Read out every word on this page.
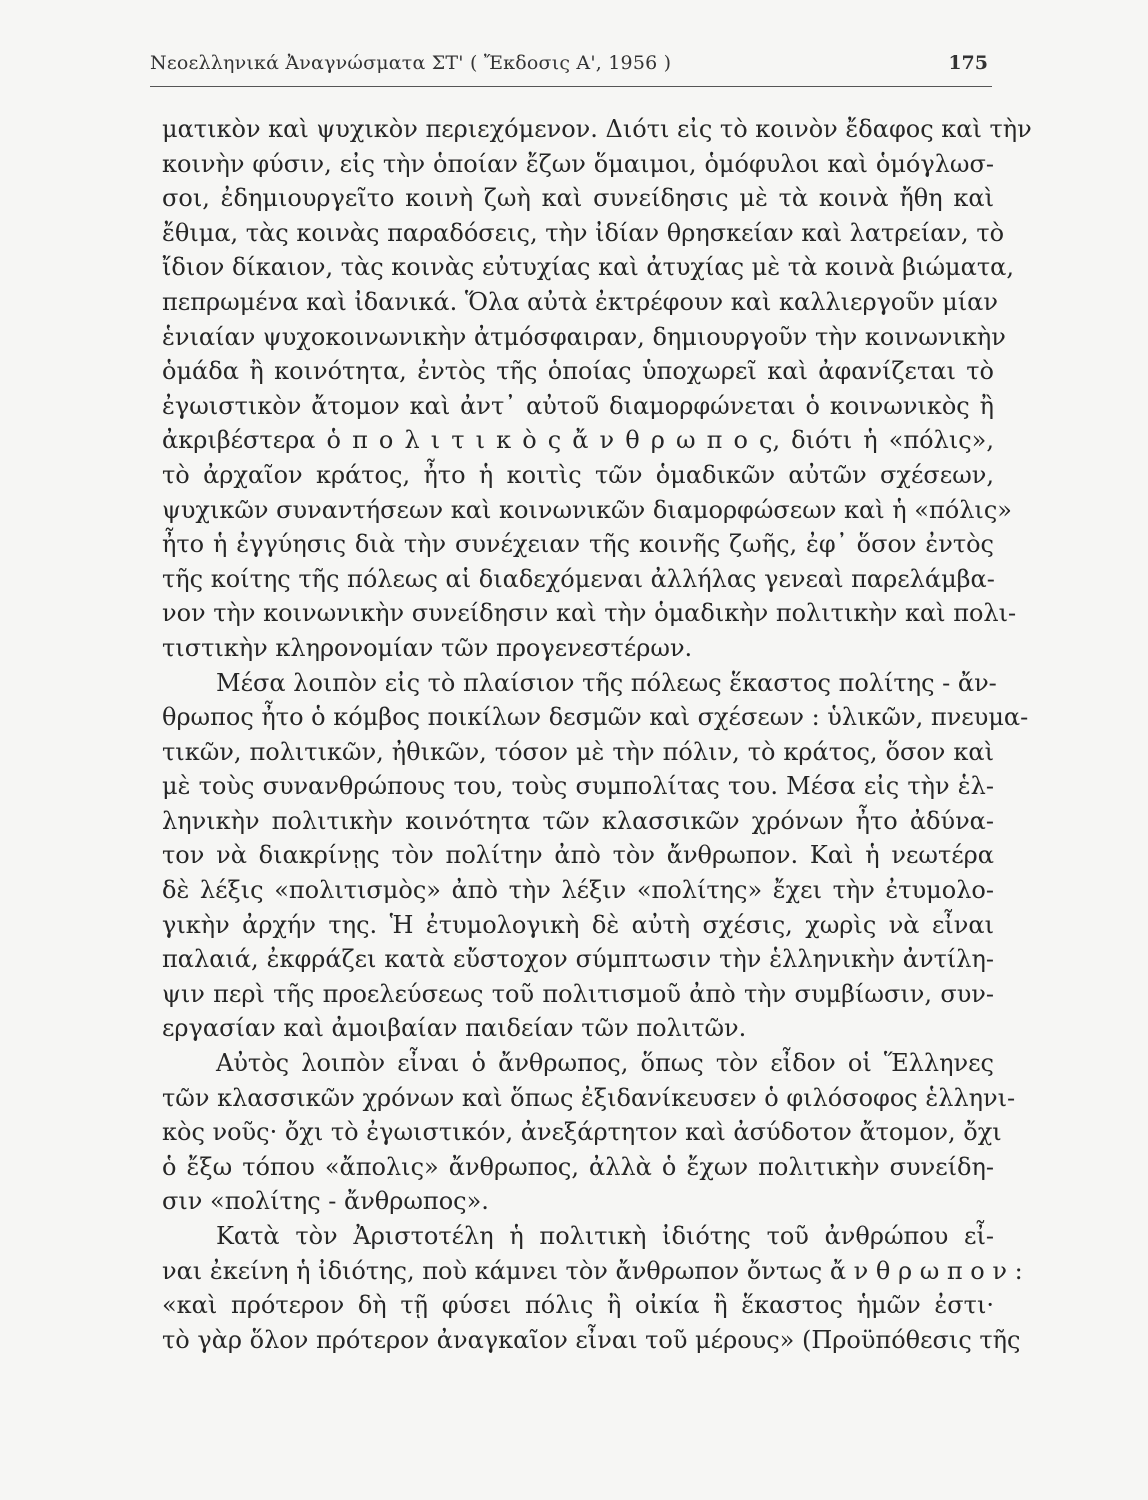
Νεοελληνικά Ἀναγνώσματα ΣΤ' ( Ἔκδοσις Α', 1956 )	175
ματικὸν καὶ ψυχικὸν περιεχόμενον. Διότι εἰς τὸ κοινὸν ἔδαφος καὶ τὴν
κοινὴν φύσιν, εἰς τὴν ὁποίαν ἔζων ὅμαιμοι, ὁμόφυλοι καὶ ὁμόγλωσ-
σοι, ἐδημιουργεῖτο κοινὴ ζωὴ καὶ συνείδησις μὲ τὰ κοινὰ ἤθη καὶ
ἔθιμα, τὰς κοινὰς παραδόσεις, τὴν ἰδίαν θρησκείαν καὶ λατρείαν, τὸ
ἴδιον δίκαιον, τὰς κοινὰς εὐτυχίας καὶ ἀτυχίας μὲ τὰ κοινὰ βιώματα,
πεπρωμένα καὶ ἰδανικά. Ὅλα αὐτὰ ἐκτρέφουν καὶ καλλιεργοῦν μίαν
ἑνιαίαν ψυχοκοινωνικὴν ἀτμόσφαιραν, δημιουργοῦν τὴν κοινωνικὴν
ὁμάδα ἢ κοινότητα, ἐντὸς τῆς ὁποίας ὑποχωρεῖ καὶ ἀφανίζεται τὸ
ἐγωιστικὸν ἄτομον καὶ ἀντ᾿ αὐτοῦ διαμορφώνεται ὁ κοινωνικὸς ἢ
ἀκριβέστερα ὁ π ο λ ι τ ι κ ὸ ς ἄ ν θ ρ ω π ο ς, διότι ἡ «πόλις»,
τὸ ἀρχαῖον κράτος, ἦτο ἡ κοιτὶς τῶν ὁμαδικῶν αὐτῶν σχέσεων,
ψυχικῶν συναντήσεων καὶ κοινωνικῶν διαμορφώσεων καὶ ἡ «πόλις»
ἦτο ἡ ἐγγύησις διὰ τὴν συνέχειαν τῆς κοινῆς ζωῆς, ἐφ᾿ ὅσον ἐντὸς
τῆς κοίτης τῆς πόλεως αἱ διαδεχόμεναι ἀλλήλας γενεαὶ παρελάμβα-
νον τὴν κοινωνικὴν συνείδησιν καὶ τὴν ὁμαδικὴν πολιτικὴν καὶ πολι-
τιστικὴν κληρονομίαν τῶν προγενεστέρων.
Μέσα λοιπὸν εἰς τὸ πλαίσιον τῆς πόλεως ἕκαστος πολίτης - ἄν-
θρωπος ἦτο ὁ κόμβος ποικίλων δεσμῶν καὶ σχέσεων : ὑλικῶν, πνευμα-
τικῶν, πολιτικῶν, ἠθικῶν, τόσον μὲ τὴν πόλιν, τὸ κράτος, ὅσον καὶ
μὲ τοὺς συνανθρώπους του, τοὺς συμπολίτας του. Μέσα εἰς τὴν ἑλ-
ληνικὴν πολιτικὴν κοινότητα τῶν κλασσικῶν χρόνων ἦτο ἀδύνα-
τον νὰ διακρίνῃς τὸν πολίτην ἀπὸ τὸν ἄνθρωπον. Καὶ ἡ νεωτέρα
δὲ λέξις «πολιτισμὸς» ἀπὸ τὴν λέξιν «πολίτης» ἔχει τὴν ἐτυμολο-
γικὴν ἀρχήν της. Ἡ ἐτυμολογικὴ δὲ αὐτὴ σχέσις, χωρὶς νὰ εἶναι
παλαιά, ἐκφράζει κατὰ εὔστοχον σύμπτωσιν τὴν ἑλληνικὴν ἀντίλη-
ψιν περὶ τῆς προελεύσεως τοῦ πολιτισμοῦ ἀπὸ τὴν συμβίωσιν, συν-
εργασίαν καὶ ἀμοιβαίαν παιδείαν τῶν πολιτῶν.
Αὐτὸς λοιπὸν εἶναι ὁ ἄνθρωπος, ὅπως τὸν εἶδον οἱ Ἕλληνες
τῶν κλασσικῶν χρόνων καὶ ὅπως ἐξιδανίκευσεν ὁ φιλόσοφος ἑλληνι-
κὸς νοῦς· ὄχι τὸ ἐγωιστικόν, ἀνεξάρτητον καὶ ἀσύδοτον ἄτομον, ὄχι
ὁ ἔξω τόπου «ἄπολις» ἄνθρωπος, ἀλλὰ ὁ ἔχων πολιτικὴν συνείδη-
σιν «πολίτης - ἄνθρωπος».
Κατὰ τὸν Ἀριστοτέλη ἡ πολιτικὴ ἰδιότης τοῦ ἀνθρώπου εἶ-
ναι ἐκείνη ἡ ἰδιότης, ποὺ κάμνει τὸν ἄνθρωπον ὄντως ἄ ν θ ρ ω π ο ν :
«καὶ πρότερον δὴ τῇ φύσει πόλις ἢ οἰκία ἢ ἕκαστος ἡμῶν ἐστι·
τὸ γὰρ ὅλον πρότερον ἀναγκαῖον εἶναι τοῦ μέρους» (Προϋπόθεσις τῆς
